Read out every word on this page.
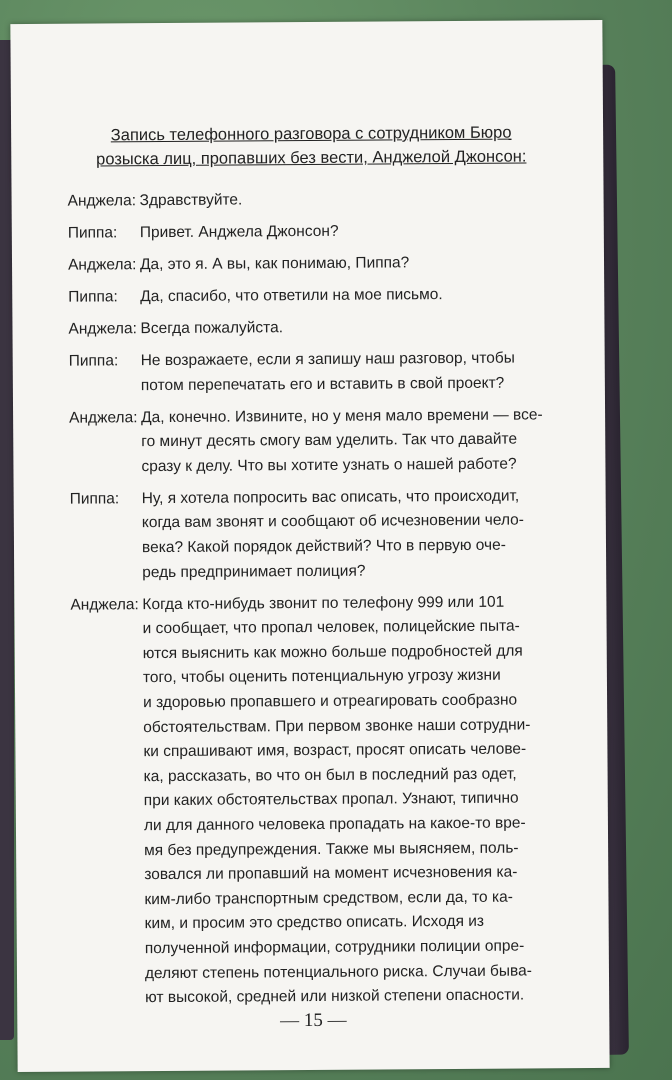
Запись телефонного разговора с сотрудником Бюро
розыска лиц, пропавших без вести, Анджелой Джонсон:
— 15 —
Анджела: Здравствуйте.
Пиппа:	Привет. Анджела Джонсон?
Анджела: Да, это я. А вы, как понимаю, Пиппа?
Пиппа:	Да, спасибо, что ответили на мое письмо.
Анджела: Всегда пожалуйста.
Пиппа:	Не возражаете, если я запишу наш разговор, чтобы
потом перепечатать его и вставить в свой проект?
Анджела: Да, конечно. Извините, но у меня мало времени — все-
го минут десять смогу вам уделить. Так что давайте
сразу к делу. Что вы хотите узнать о нашей работе?
Пиппа:	Ну, я хотела попросить вас описать, что происходит,
когда вам звонят и сообщают об исчезновении чело-
века? Какой порядок действий? Что в первую оче-
редь предпринимает полиция?
Анджела: Когда кто-нибудь звонит по телефону 999 или 101
и сообщает, что пропал человек, полицейские пыта-
ются выяснить как можно больше подробностей для
того, чтобы оценить потенциальную угрозу жизни
и здоровью пропавшего и отреагировать сообразно
обстоятельствам. При первом звонке наши сотрудни-
ки спрашивают имя, возраст, просят описать челове-
ка, рассказать, во что он был в последний раз одет,
при каких обстоятельствах пропал. Узнают, типично
ли для данного человека пропадать на какое-то вре-
мя без предупреждения. Также мы выясняем, поль-
зовался ли пропавший на момент исчезновения ка-
ким-либо транспортным средством, если да, то ка-
ким, и просим это средство описать. Исходя из
полученной информации, сотрудники полиции опре-
деляют степень потенциального риска. Случаи быва-
ют высокой, средней или низкой степени опасности.
